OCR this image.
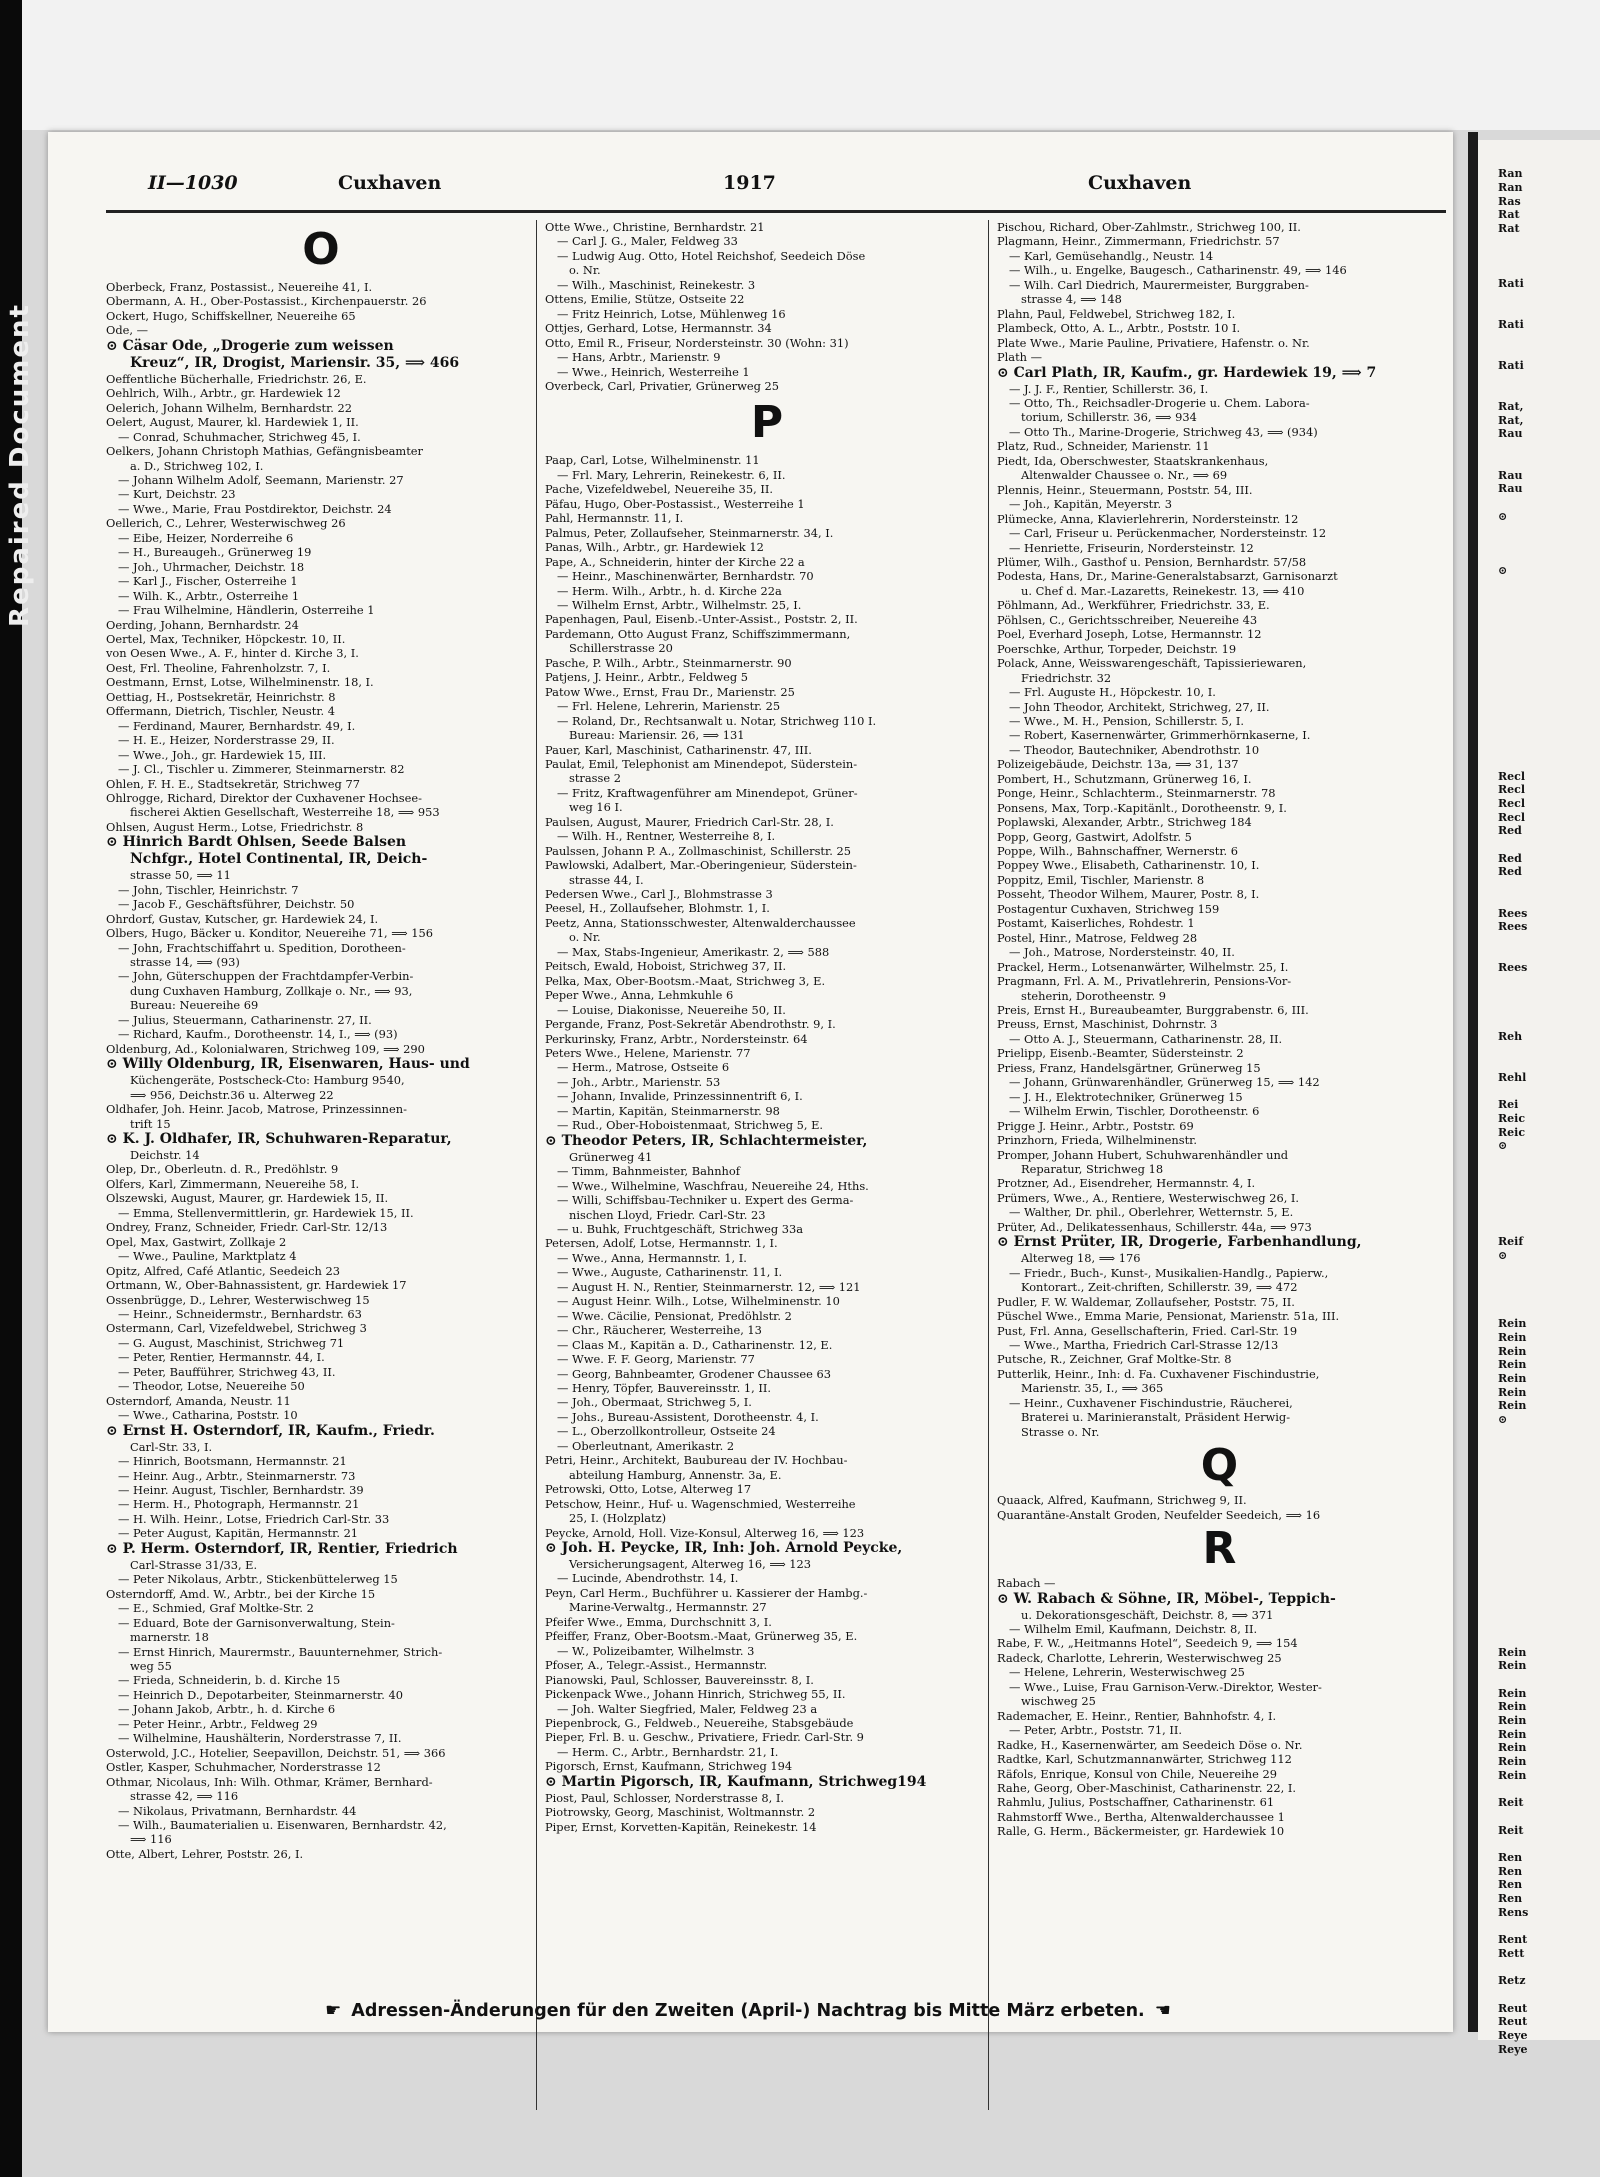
Repaired Document
II—1030	Cuxhaven	1917	Cuxhaven
O
Oberbeck, Franz, Postassist., Neuereihe 41, I.
Obermann, A. H., Ober-Postassist., Kirchenpauerstr. 26
Ockert, Hugo, Schiffskellner, Neuereihe 65
Ode, —
⊙ Cäsar Ode, „Drogerie zum weissen
Kreuz“, IR, Drogist, Mariensir. 35, ⟹ 466
Oeffentliche Bücherhalle, Friedrichstr. 26, E.
Oehlrich, Wilh., Arbtr., gr. Hardewiek 12
Oelerich, Johann Wilhelm, Bernhardstr. 22
Oelert, August, Maurer, kl. Hardewiek 1, II.
— Conrad, Schuhmacher, Strichweg 45, I.
Oelkers, Johann Christoph Mathias, Gefängnisbeamter
a. D., Strichweg 102, I.
— Johann Wilhelm Adolf, Seemann, Marienstr. 27
— Kurt, Deichstr. 23
— Wwe., Marie, Frau Postdirektor, Deichstr. 24
Oellerich, C., Lehrer, Westerwischweg 26
— Eibe, Heizer, Norderreihe 6
— H., Bureaugeh., Grünerweg 19
— Joh., Uhrmacher, Deichstr. 18
— Karl J., Fischer, Osterreihe 1
— Wilh. K., Arbtr., Osterreihe 1
— Frau Wilhelmine, Händlerin, Osterreihe 1
Oerding, Johann, Bernhardstr. 24
Oertel, Max, Techniker, Höpckestr. 10, II.
von Oesen Wwe., A. F., hinter d. Kirche 3, I.
Oest, Frl. Theoline, Fahrenholzstr. 7, I.
Oestmann, Ernst, Lotse, Wilhelminenstr. 18, I.
Oettiag, H., Postsekretär, Heinrichstr. 8
Offermann, Dietrich, Tischler, Neustr. 4
— Ferdinand, Maurer, Bernhardstr. 49, I.
— H. E., Heizer, Norderstrasse 29, II.
— Wwe., Joh., gr. Hardewiek 15, III.
— J. Cl., Tischler u. Zimmerer, Steinmarnerstr. 82
Ohlen, F. H. E., Stadtsekretär, Strichweg 77
Ohlrogge, Richard, Direktor der Cuxhavener Hochsee-
fischerei Aktien Gesellschaft, Westerreihe 18, ⟹ 953
Ohlsen, August Herm., Lotse, Friedrichstr. 8
⊙ Hinrich Bardt Ohlsen, Seede Balsen
Nchfgr., Hotel Continental, IR, Deich-
strasse 50, ⟹ 11
— John, Tischler, Heinrichstr. 7
— Jacob F., Geschäftsführer, Deichstr. 50
Ohrdorf, Gustav, Kutscher, gr. Hardewiek 24, I.
Olbers, Hugo, Bäcker u. Konditor, Neuereihe 71, ⟹ 156
— John, Frachtschiffahrt u. Spedition, Dorotheen-
strasse 14, ⟹ (93)
— John, Güterschuppen der Frachtdampfer-Verbin-
dung Cuxhaven Hamburg, Zollkaje o. Nr., ⟹ 93,
Bureau: Neuereihe 69
— Julius, Steuermann, Catharinenstr. 27, II.
— Richard, Kaufm., Dorotheenstr. 14, I., ⟹ (93)
Oldenburg, Ad., Kolonialwaren, Strichweg 109, ⟹ 290
⊙ Willy Oldenburg, IR, Eisenwaren, Haus- und
Küchengeräte, Postscheck-Cto: Hamburg 9540,
⟹ 956, Deichstr.36 u. Alterweg 22
Oldhafer, Joh. Heinr. Jacob, Matrose, Prinzessinnen-
trift 15
⊙ K. J. Oldhafer, IR, Schuhwaren-Reparatur,
Deichstr. 14
Olep, Dr., Oberleutn. d. R., Predöhlstr. 9
Olfers, Karl, Zimmermann, Neuereihe 58, I.
Olszewski, August, Maurer, gr. Hardewiek 15, II.
— Emma, Stellenvermittlerin, gr. Hardewiek 15, II.
Ondrey, Franz, Schneider, Friedr. Carl-Str. 12/13
Opel, Max, Gastwirt, Zollkaje 2
— Wwe., Pauline, Marktplatz 4
Opitz, Alfred, Café Atlantic, Seedeich 23
Ortmann, W., Ober-Bahnassistent, gr. Hardewiek 17
Ossenbrügge, D., Lehrer, Westerwischweg 15
— Heinr., Schneidermstr., Bernhardstr. 63
Ostermann, Carl, Vizefeldwebel, Strichweg 3
— G. August, Maschinist, Strichweg 71
— Peter, Rentier, Hermannstr. 44, I.
— Peter, Baufführer, Strichweg 43, II.
— Theodor, Lotse, Neuereihe 50
Osterndorf, Amanda, Neustr. 11
— Wwe., Catharina, Poststr. 10
⊙ Ernst H. Osterndorf, IR, Kaufm., Friedr.
Carl-Str. 33, I.
— Hinrich, Bootsmann, Hermannstr. 21
— Heinr. Aug., Arbtr., Steinmarnerstr. 73
— Heinr. August, Tischler, Bernhardstr. 39
— Herm. H., Photograph, Hermannstr. 21
— H. Wilh. Heinr., Lotse, Friedrich Carl-Str. 33
— Peter August, Kapitän, Hermannstr. 21
⊙ P. Herm. Osterndorf, IR, Rentier, Friedrich
Carl-Strasse 31/33, E.
— Peter Nikolaus, Arbtr., Stickenbüttelerweg 15
Osterndorff, Amd. W., Arbtr., bei der Kirche 15
— E., Schmied, Graf Moltke-Str. 2
— Eduard, Bote der Garnisonverwaltung, Stein-
marnerstr. 18
— Ernst Hinrich, Maurermstr., Bauunternehmer, Strich-
weg 55
— Frieda, Schneiderin, b. d. Kirche 15
— Heinrich D., Depotarbeiter, Steinmarnerstr. 40
— Johann Jakob, Arbtr., h. d. Kirche 6
— Peter Heinr., Arbtr., Feldweg 29
— Wilhelmine, Haushälterin, Norderstrasse 7, II.
Osterwold, J.C., Hotelier, Seepavillon, Deichstr. 51, ⟹ 366
Ostler, Kasper, Schuhmacher, Norderstrasse 12
Othmar, Nicolaus, Inh: Wilh. Othmar, Krämer, Bernhard-
strasse 42, ⟹ 116
— Nikolaus, Privatmann, Bernhardstr. 44
— Wilh., Baumaterialien u. Eisenwaren, Bernhardstr. 42,
⟹ 116
Otte, Albert, Lehrer, Poststr. 26, I.
Otte Wwe., Christine, Bernhardstr. 21
— Carl J. G., Maler, Feldweg 33
— Ludwig Aug. Otto, Hotel Reichshof, Seedeich Döse
o. Nr.
— Wilh., Maschinist, Reinekestr. 3
Ottens, Emilie, Stütze, Ostseite 22
— Fritz Heinrich, Lotse, Mühlenweg 16
Ottjes, Gerhard, Lotse, Hermannstr. 34
Otto, Emil R., Friseur, Nordersteinstr. 30 (Wohn: 31)
— Hans, Arbtr., Marienstr. 9
— Wwe., Heinrich, Westerreihe 1
Overbeck, Carl, Privatier, Grünerweg 25
P
Paap, Carl, Lotse, Wilhelminenstr. 11
— Frl. Mary, Lehrerin, Reinekestr. 6, II.
Pache, Vizefeldwebel, Neuereihe 35, II.
Päfau, Hugo, Ober-Postassist., Westerreihe 1
Pahl, Hermannstr. 11, I.
Palmus, Peter, Zollaufseher, Steinmarnerstr. 34, I.
Panas, Wilh., Arbtr., gr. Hardewiek 12
Pape, A., Schneiderin, hinter der Kirche 22 a
— Heinr., Maschinenwärter, Bernhardstr. 70
— Herm. Wilh., Arbtr., h. d. Kirche 22a
— Wilhelm Ernst, Arbtr., Wilhelmstr. 25, I.
Papenhagen, Paul, Eisenb.-Unter-Assist., Poststr. 2, II.
Pardemann, Otto August Franz, Schiffszimmermann,
Schillerstrasse 20
Pasche, P. Wilh., Arbtr., Steinmarnerstr. 90
Patjens, J. Heinr., Arbtr., Feldweg 5
Patow Wwe., Ernst, Frau Dr., Marienstr. 25
— Frl. Helene, Lehrerin, Marienstr. 25
— Roland, Dr., Rechtsanwalt u. Notar, Strichweg 110 I.
Bureau: Mariensir. 26, ⟹ 131
Pauer, Karl, Maschinist, Catharinenstr. 47, III.
Paulat, Emil, Telephonist am Minendepot, Süderstein-
strasse 2
— Fritz, Kraftwagenführer am Minendepot, Grüner-
weg 16 I.
Paulsen, August, Maurer, Friedrich Carl-Str. 28, I.
— Wilh. H., Rentner, Westerreihe 8, I.
Paulssen, Johann P. A., Zollmaschinist, Schillerstr. 25
Pawlowski, Adalbert, Mar.-Oberingenieur, Süderstein-
strasse 44, I.
Pedersen Wwe., Carl J., Blohmstrasse 3
Peesel, H., Zollaufseher, Blohmstr. 1, I.
Peetz, Anna, Stationsschwester, Altenwalderchaussee
o. Nr.
— Max, Stabs-Ingenieur, Amerikastr. 2, ⟹ 588
Peitsch, Ewald, Hoboist, Strichweg 37, II.
Pelka, Max, Ober-Bootsm.-Maat, Strichweg 3, E.
Peper Wwe., Anna, Lehmkuhle 6
— Louise, Diakonisse, Neuereihe 50, II.
Pergande, Franz, Post-Sekretär Abendrothstr. 9, I.
Perkurinsky, Franz, Arbtr., Nordersteinstr. 64
Peters Wwe., Helene, Marienstr. 77
— Herm., Matrose, Ostseite 6
— Joh., Arbtr., Marienstr. 53
— Johann, Invalide, Prinzessinnentrift 6, I.
— Martin, Kapitän, Steinmarnerstr. 98
— Rud., Ober-Hoboistenmaat, Strichweg 5, E.
⊙ Theodor Peters, IR, Schlachtermeister,
Grünerweg 41
— Timm, Bahnmeister, Bahnhof
— Wwe., Wilhelmine, Waschfrau, Neuereihe 24, Hths.
— Willi, Schiffsbau-Techniker u. Expert des Germa-
nischen Lloyd, Friedr. Carl-Str. 23
— u. Buhk, Fruchtgeschäft, Strichweg 33a
Petersen, Adolf, Lotse, Hermannstr. 1, I.
— Wwe., Anna, Hermannstr. 1, I.
— Wwe., Auguste, Catharinenstr. 11, I.
— August H. N., Rentier, Steinmarnerstr. 12, ⟹ 121
— August Heinr. Wilh., Lotse, Wilhelminenstr. 10
— Wwe. Cäcilie, Pensionat, Predöhlstr. 2
— Chr., Räucherer, Westerreihe, 13
— Claas M., Kapitän a. D., Catharinenstr. 12, E.
— Wwe. F. F. Georg, Marienstr. 77
— Georg, Bahnbeamter, Grodener Chaussee 63
— Henry, Töpfer, Bauvereinsstr. 1, II.
— Joh., Obermaat, Strichweg 5, I.
— Johs., Bureau-Assistent, Dorotheenstr. 4, I.
— L., Oberzollkontrolleur, Ostseite 24
— Oberleutnant, Amerikastr. 2
Petri, Heinr., Architekt, Baubureau der IV. Hochbau-
abteilung Hamburg, Annenstr. 3a, E.
Petrowski, Otto, Lotse, Alterweg 17
Petschow, Heinr., Huf- u. Wagenschmied, Westerreihe
25, I. (Holzplatz)
Peycke, Arnold, Holl. Vize-Konsul, Alterweg 16, ⟹ 123
⊙ Joh. H. Peycke, IR, Inh: Joh. Arnold Peycke,
Versicherungsagent, Alterweg 16, ⟹ 123
— Lucinde, Abendrothstr. 14, I.
Peyn, Carl Herm., Buchführer u. Kassierer der Hambg.-
Marine-Verwaltg., Hermannstr. 27
Pfeifer Wwe., Emma, Durchschnitt 3, I.
Pfeiffer, Franz, Ober-Bootsm.-Maat, Grünerweg 35, E.
— W., Polizeibamter, Wilhelmstr. 3
Pfoser, A., Telegr.-Assist., Hermannstr.
Pianowski, Paul, Schlosser, Bauvereinsstr. 8, I.
Pickenpack Wwe., Johann Hinrich, Strichweg 55, II.
— Joh. Walter Siegfried, Maler, Feldweg 23 a
Piepenbrock, G., Feldweb., Neuereihe, Stabsgebäude
Pieper, Frl. B. u. Geschw., Privatiere, Friedr. Carl-Str. 9
— Herm. C., Arbtr., Bernhardstr. 21, I.
Pigorsch, Ernst, Kaufmann, Strichweg 194
⊙ Martin Pigorsch, IR, Kaufmann, Strichweg194
Piost, Paul, Schlosser, Norderstrasse 8, I.
Piotrowsky, Georg, Maschinist, Woltmannstr. 2
Piper, Ernst, Korvetten-Kapitän, Reinekestr. 14
Pischou, Richard, Ober-Zahlmstr., Strichweg 100, II.
Plagmann, Heinr., Zimmermann, Friedrichstr. 57
— Karl, Gemüsehandlg., Neustr. 14
— Wilh., u. Engelke, Baugesch., Catharinenstr. 49, ⟹ 146
— Wilh. Carl Diedrich, Maurermeister, Burggraben-
strasse 4, ⟹ 148
Plahn, Paul, Feldwebel, Strichweg 182, I.
Plambeck, Otto, A. L., Arbtr., Poststr. 10 I.
Plate Wwe., Marie Pauline, Privatiere, Hafenstr. o. Nr.
Plath —
⊙ Carl Plath, IR, Kaufm., gr. Hardewiek 19, ⟹ 7
— J. J. F., Rentier, Schillerstr. 36, I.
— Otto, Th., Reichsadler-Drogerie u. Chem. Labora-
torium, Schillerstr. 36, ⟹ 934
— Otto Th., Marine-Drogerie, Strichweg 43, ⟹ (934)
Platz, Rud., Schneider, Marienstr. 11
Piedt, Ida, Oberschwester, Staatskrankenhaus,
Altenwalder Chaussee o. Nr., ⟹ 69
Plennis, Heinr., Steuermann, Poststr. 54, III.
— Joh., Kapitän, Meyerstr. 3
Plümecke, Anna, Klavierlehrerin, Nordersteinstr. 12
— Carl, Friseur u. Perückenmacher, Nordersteinstr. 12
— Henriette, Friseurin, Nordersteinstr. 12
Plümer, Wilh., Gasthof u. Pension, Bernhardstr. 57/58
Podesta, Hans, Dr., Marine-Generalstabsarzt, Garnisonarzt
u. Chef d. Mar.-Lazaretts, Reinekestr. 13, ⟹ 410
Pöhlmann, Ad., Werkführer, Friedrichstr. 33, E.
Pöhlsen, C., Gerichtsschreiber, Neuereihe 43
Poel, Everhard Joseph, Lotse, Hermannstr. 12
Poerschke, Arthur, Torpeder, Deichstr. 19
Polack, Anne, Weisswarengeschäft, Tapissieriewaren,
Friedrichstr. 32
— Frl. Auguste H., Höpckestr. 10, I.
— John Theodor, Architekt, Strichweg, 27, II.
— Wwe., M. H., Pension, Schillerstr. 5, I.
— Robert, Kasernenwärter, Grimmerhörnkaserne, I.
— Theodor, Bautechniker, Abendrothstr. 10
Polizeigebäude, Deichstr. 13a, ⟹ 31, 137
Pombert, H., Schutzmann, Grünerweg 16, I.
Ponge, Heinr., Schlachterm., Steinmarnerstr. 78
Ponsens, Max, Torp.-Kapitänlt., Dorotheenstr. 9, I.
Poplawski, Alexander, Arbtr., Strichweg 184
Popp, Georg, Gastwirt, Adolfstr. 5
Poppe, Wilh., Bahnschaffner, Wernerstr. 6
Poppey Wwe., Elisabeth, Catharinenstr. 10, I.
Poppitz, Emil, Tischler, Marienstr. 8
Posseht, Theodor Wilhem, Maurer, Postr. 8, I.
Postagentur Cuxhaven, Strichweg 159
Postamt, Kaiserliches, Rohdestr. 1
Postel, Hinr., Matrose, Feldweg 28
— Joh., Matrose, Nordersteinstr. 40, II.
Prackel, Herm., Lotsenanwärter, Wilhelmstr. 25, I.
Pragmann, Frl. A. M., Privatlehrerin, Pensions-Vor-
steherin, Dorotheenstr. 9
Preis, Ernst H., Bureaubeamter, Burggrabenstr. 6, III.
Preuss, Ernst, Maschinist, Dohrnstr. 3
— Otto A. J., Steuermann, Catharinenstr. 28, II.
Prielipp, Eisenb.-Beamter, Südersteinstr. 2
Priess, Franz, Handelsgärtner, Grünerweg 15
— Johann, Grünwarenhändler, Grünerweg 15, ⟹ 142
— J. H., Elektrotechniker, Grünerweg 15
— Wilhelm Erwin, Tischler, Dorotheenstr. 6
Prigge J. Heinr., Arbtr., Poststr. 69
Prinzhorn, Frieda, Wilhelminenstr.
Promper, Johann Hubert, Schuhwarenhändler und
Reparatur, Strichweg 18
Protzner, Ad., Eisendreher, Hermannstr. 4, I.
Prümers, Wwe., A., Rentiere, Westerwischweg 26, I.
— Walther, Dr. phil., Oberlehrer, Wetternstr. 5, E.
Prüter, Ad., Delikatessenhaus, Schillerstr. 44a, ⟹ 973
⊙ Ernst Prüter, IR, Drogerie, Farbenhandlung,
Alterweg 18, ⟹ 176
— Friedr., Buch-, Kunst-, Musikalien-Handlg., Papierw.,
Kontorart., Zeit-chriften, Schillerstr. 39, ⟹ 472
Pudler, F. W. Waldemar, Zollaufseher, Poststr. 75, II.
Püschel Wwe., Emma Marie, Pensionat, Marienstr. 51a, III.
Pust, Frl. Anna, Gesellschafterin, Fried. Carl-Str. 19
— Wwe., Martha, Friedrich Carl-Strasse 12/13
Putsche, R., Zeichner, Graf Moltke-Str. 8
Putterlik, Heinr., Inh: d. Fa. Cuxhavener Fischindustrie,
Marienstr. 35, I., ⟹ 365
— Heinr., Cuxhavener Fischindustrie, Räucherei,
Braterei u. Marinieranstalt, Präsident Herwig-
Strasse o. Nr.
Q
Quaack, Alfred, Kaufmann, Strichweg 9, II.
Quarantäne-Anstalt Groden, Neufelder Seedeich, ⟹ 16
R
Rabach —
⊙ W. Rabach & Söhne, IR, Möbel-, Teppich-
u. Dekorationsgeschäft, Deichstr. 8, ⟹ 371
— Wilhelm Emil, Kaufmann, Deichstr. 8, II.
Rabe, F. W., „Heitmanns Hotel“, Seedeich 9, ⟹ 154
Radeck, Charlotte, Lehrerin, Westerwischweg 25
— Helene, Lehrerin, Westerwischweg 25
— Wwe., Luise, Frau Garnison-Verw.-Direktor, Wester-
wischweg 25
Rademacher, E. Heinr., Rentier, Bahnhofstr. 4, I.
— Peter, Arbtr., Poststr. 71, II.
Radke, H., Kasernenwärter, am Seedeich Döse o. Nr.
Radtke, Karl, Schutzmannanwärter, Strichweg 112
Räfols, Enrique, Konsul von Chile, Neuereihe 29
Rahe, Georg, Ober-Maschinist, Catharinenstr. 22, I.
Rahmlu, Julius, Postschaffner, Catharinenstr. 61
Rahmstorff Wwe., Bertha, Altenwalderchaussee 1
Ralle, G. Herm., Bäckermeister, gr. Hardewiek 10
☛ Adressen-Änderungen für den Zweiten (April-) Nachtrag bis Mitte März erbeten. ☚

Ran
Ran
Ras
Rat
Rat

Rati

Rati

Rati

Rat,
Rat,
Rau

Rau
Rau

⊙

⊙

Recl
Recl
Recl
Recl
Red

Red
Red

Rees
Rees

Rees

Reh

Rehl

Rei
Reic
Reic
⊙

Reif
⊙

Rein
Rein
Rein
Rein
Rein
Rein
Rein
⊙

Rein
Rein

Rein
Rein
Rein
Rein
Rein
Rein
Rein

Reit

Reit

Ren
Ren
Ren
Ren
Rens

Rent
Rett

Retz

Reut
Reut
Reye
Reye
